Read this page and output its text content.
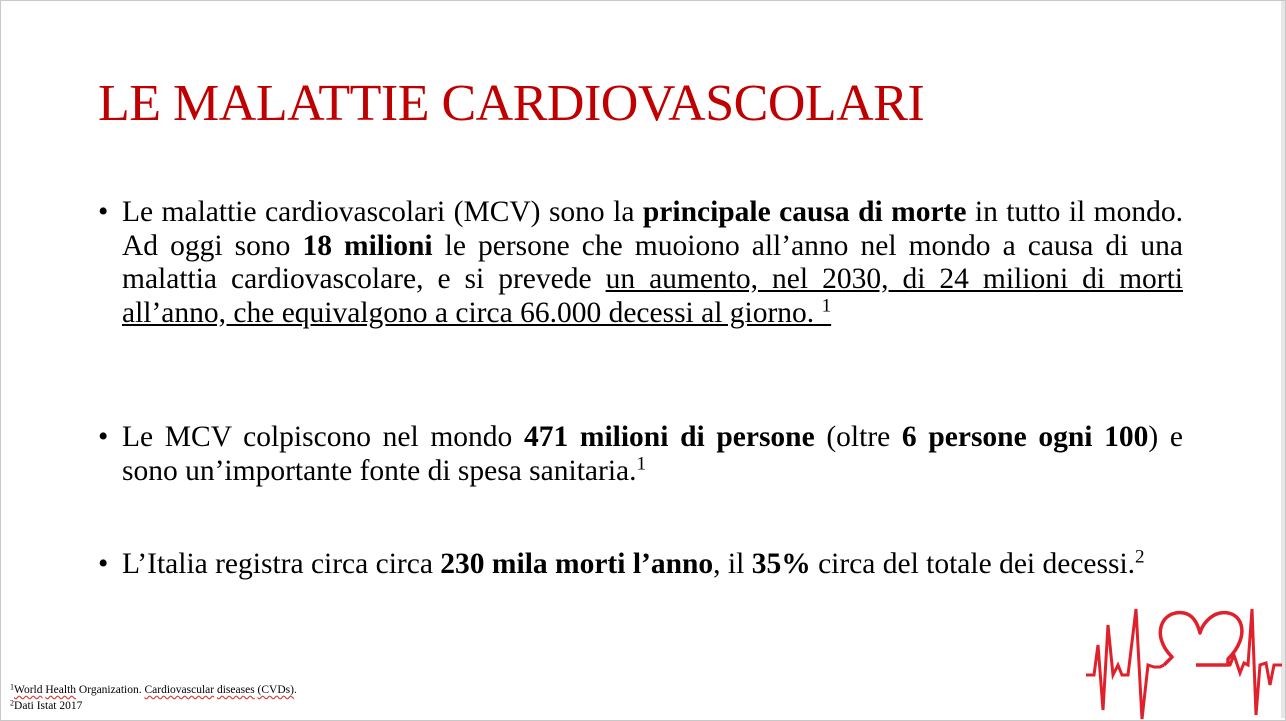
LE MALATTIE CARDIOVASCOLARI
• Le malattie cardiovascolari (MCV) sono la principale causa di morte in tutto il mondo. Ad oggi sono 18 milioni le persone che muoiono all’anno nel mondo a causa di una malattia cardiovascolare, e si prevede un aumento, nel 2030, di 24 milioni di morti all’anno, che equivalgono a circa 66.000 decessi al giorno. $^1$
• Le MCV colpiscono nel mondo 471 milioni di persone (oltre 6 persone ogni 100) e sono un’importante fonte di spesa sanitaria.$^1$
• L’Italia registra circa circa 230 mila morti l’anno, il 35% circa del totale dei decessi.$^2$
$^1$World Health Organization. Cardiovascular diseases (CVDs).
$^2$Dati Istat 2017
